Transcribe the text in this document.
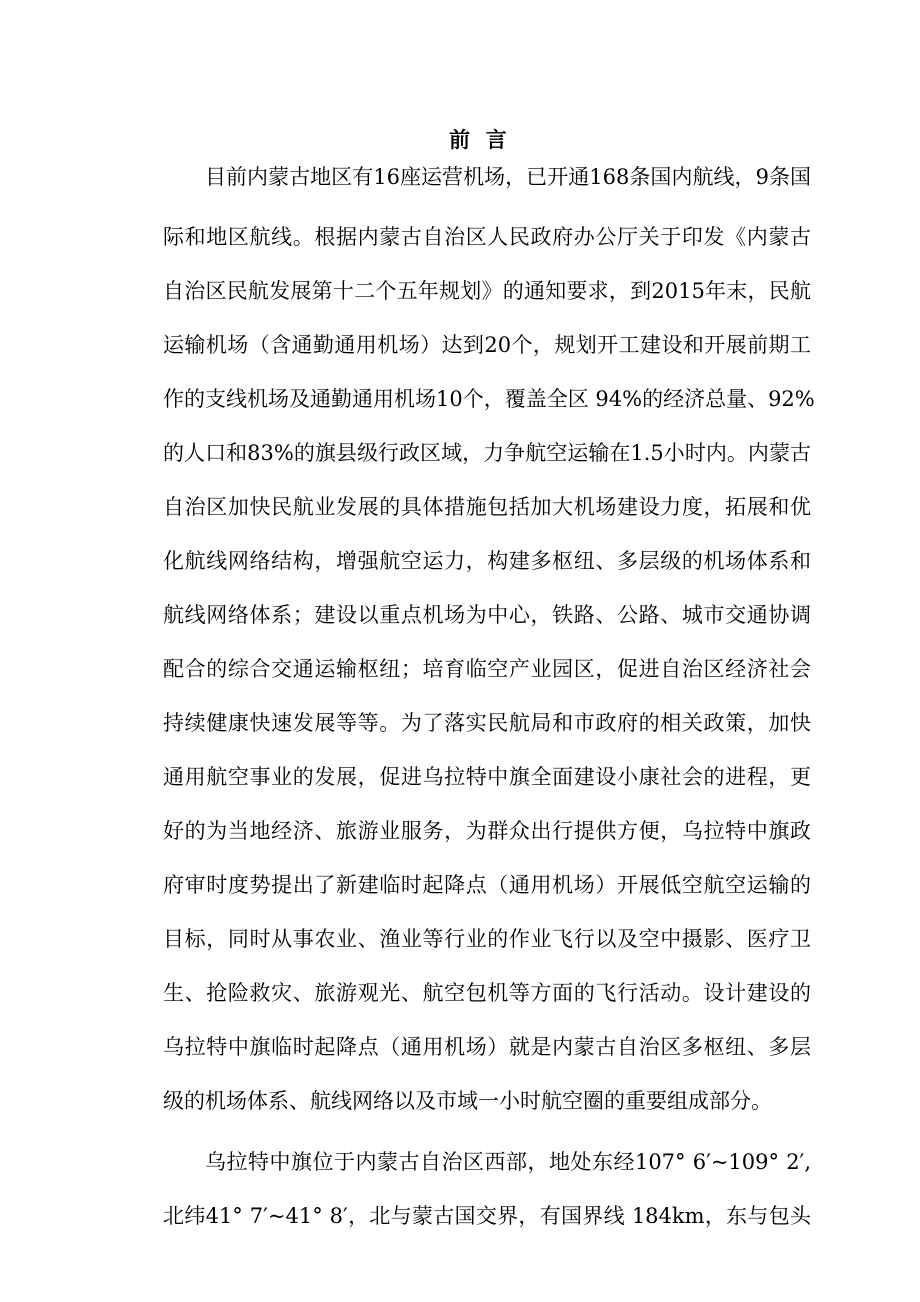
前 言
目前内蒙古地区有16座运营机场，已开通168条国内航线，9条国
际和地区航线。根据内蒙古自治区人民政府办公厅关于印发《内蒙古
自治区民航发展第十二个五年规划》的通知要求，到2015年末，民航
运输机场（含通勤通用机场）达到20个，规划开工建设和开展前期工
作的支线机场及通勤通用机场10个，覆盖全区 94%的经济总量、92%
的人口和83%的旗县级行政区域，力争航空运输在1.5小时内。内蒙古
自治区加快民航业发展的具体措施包括加大机场建设力度，拓展和优
化航线网络结构，增强航空运力，构建多枢纽、多层级的机场体系和
航线网络体系；建设以重点机场为中心，铁路、公路、城市交通协调
配合的综合交通运输枢纽；培育临空产业园区，促进自治区经济社会
持续健康快速发展等等。为了落实民航局和市政府的相关政策，加快
通用航空事业的发展，促进乌拉特中旗全面建设小康社会的进程，更
好的为当地经济、旅游业服务，为群众出行提供方便，乌拉特中旗政
府审时度势提出了新建临时起降点（通用机场）开展低空航空运输的
目标，同时从事农业、渔业等行业的作业飞行以及空中摄影、医疗卫
生、抢险救灾、旅游观光、航空包机等方面的飞行活动。设计建设的
乌拉特中旗临时起降点（通用机场）就是内蒙古自治区多枢纽、多层
级的机场体系、航线网络以及市域一小时航空圈的重要组成部分。
乌拉特中旗位于内蒙古自治区西部，地处东经107° 6′~109° 2′,
北纬41° 7′~41° 8′，北与蒙古国交界，有国界线 184km，东与包头
